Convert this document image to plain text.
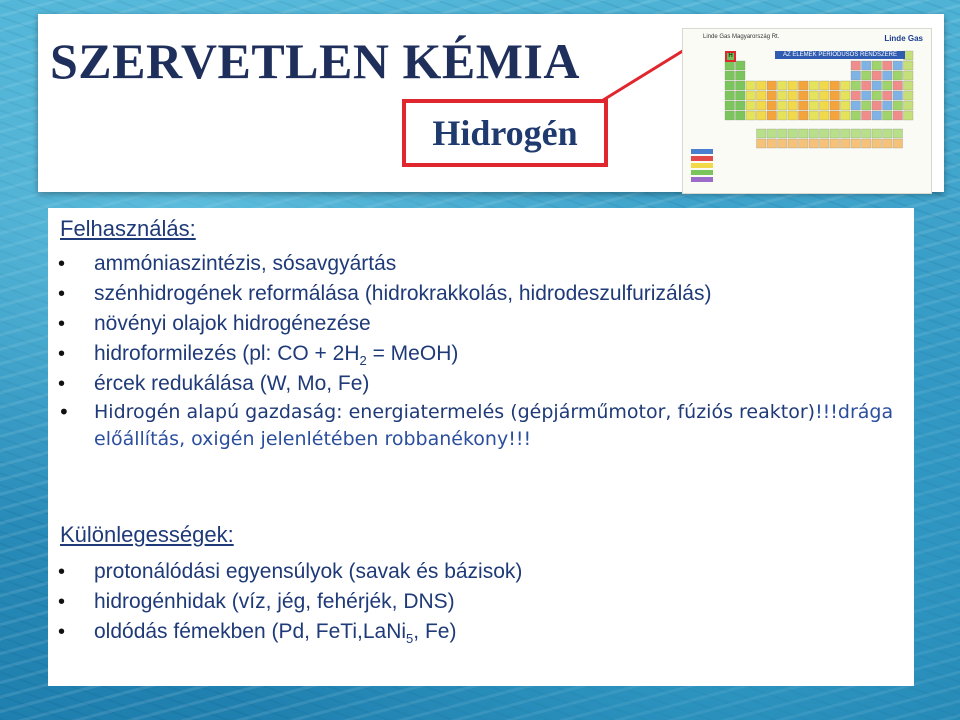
SZERVETLEN KÉMIA
Hidrogén
Linde Gas Magyarország Rt.	Linde Gas
AZ ELEMEK PERIÓDUSOS RENDSZERE
H
Felhasználás:
• ammóniaszintézis, sósavgyártás
• szénhidrogének reformálása (hidrokrakkolás, hidrodeszulfurizálás)
• növényi olajok hidrogénezése
• hidroformilezés (pl: CO + $2H_2$ = MeOH)
• ércek redukálása (W, Mo, Fe)
• Hidrogén alapú gazdaság: energiatermelés (gépjárműmotor, fúziós reaktor)!!!drága előállítás, oxigén jelenlétében robbanékony!!!
Különlegességek:
• protonálódási egyensúlyok (savak és bázisok)
• hidrogénhidak (víz, jég, fehérjék, DNS)
• oldódás fémekben (Pd, FeTi,LaNi$_5$, Fe)
